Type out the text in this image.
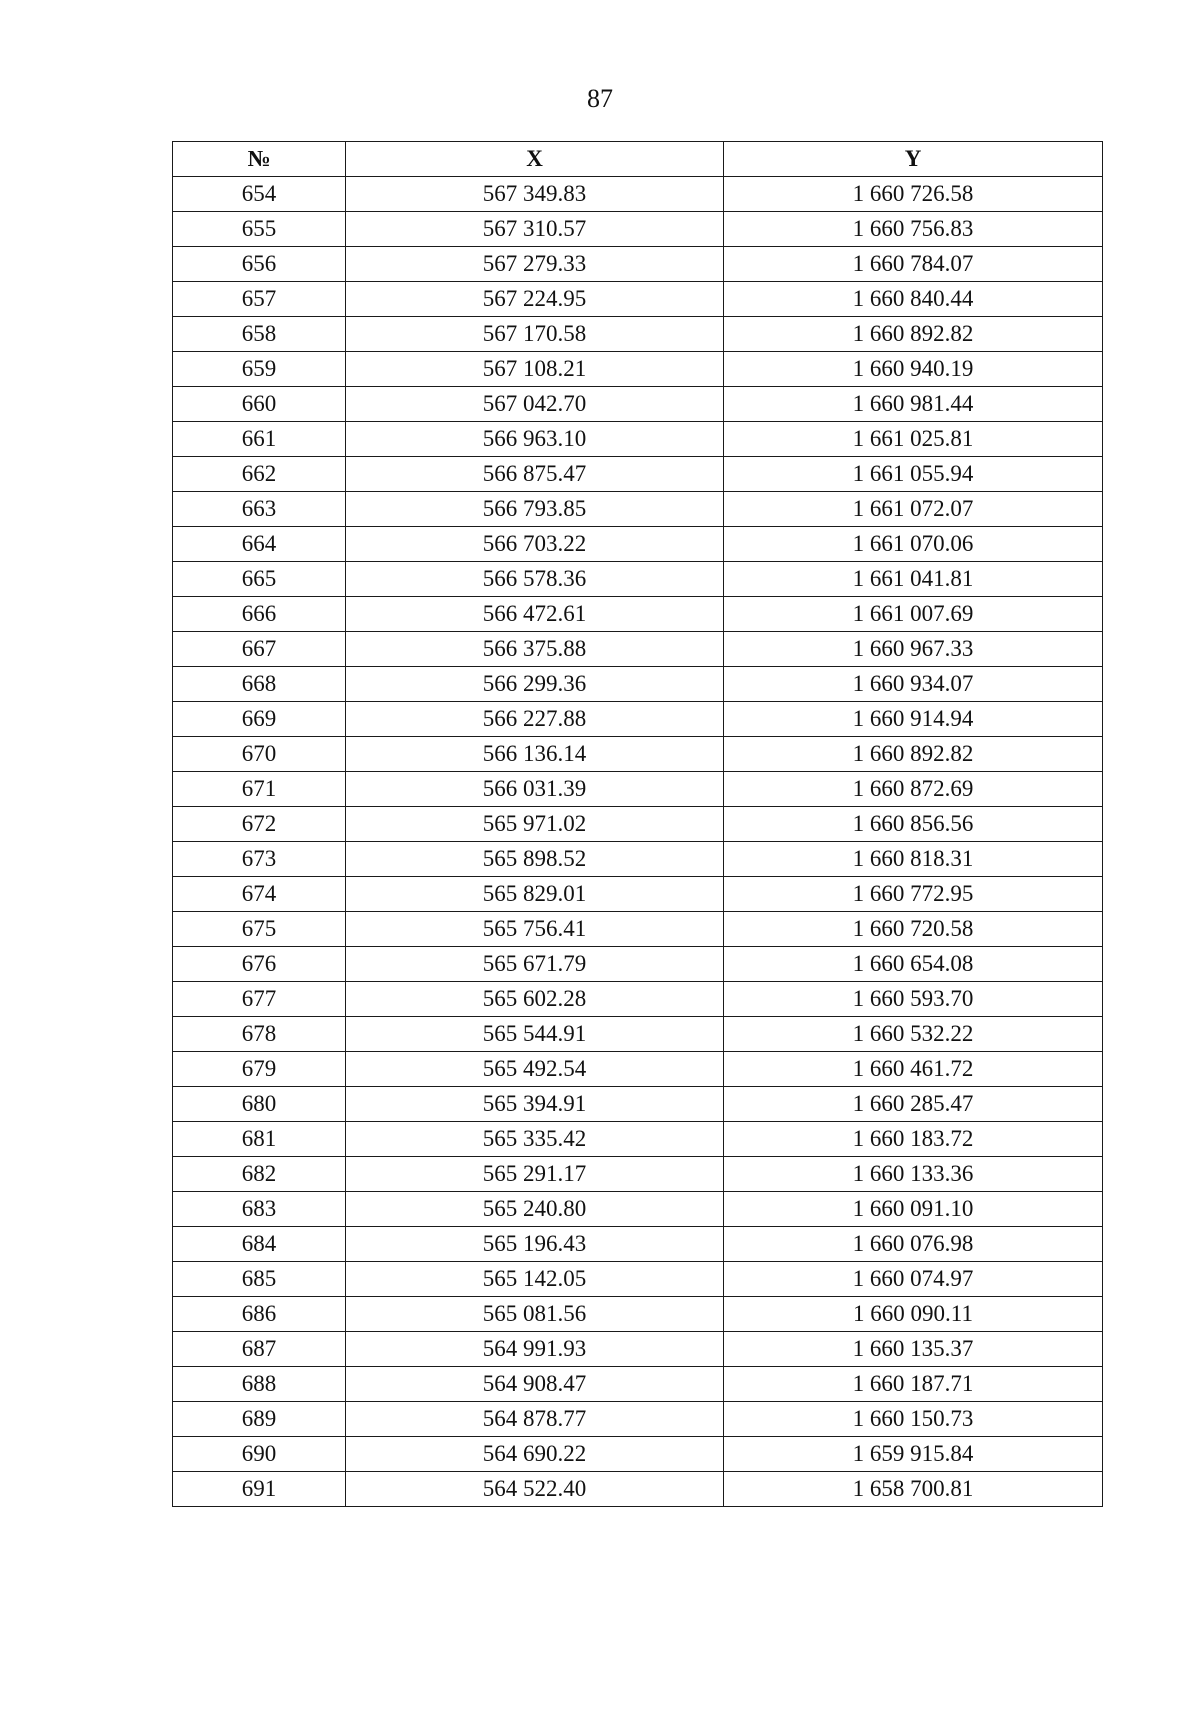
87
№	X	Y
654	567 349.83	1 660 726.58
655	567 310.57	1 660 756.83
656	567 279.33	1 660 784.07
657	567 224.95	1 660 840.44
658	567 170.58	1 660 892.82
659	567 108.21	1 660 940.19
660	567 042.70	1 660 981.44
661	566 963.10	1 661 025.81
662	566 875.47	1 661 055.94
663	566 793.85	1 661 072.07
664	566 703.22	1 661 070.06
665	566 578.36	1 661 041.81
666	566 472.61	1 661 007.69
667	566 375.88	1 660 967.33
668	566 299.36	1 660 934.07
669	566 227.88	1 660 914.94
670	566 136.14	1 660 892.82
671	566 031.39	1 660 872.69
672	565 971.02	1 660 856.56
673	565 898.52	1 660 818.31
674	565 829.01	1 660 772.95
675	565 756.41	1 660 720.58
676	565 671.79	1 660 654.08
677	565 602.28	1 660 593.70
678	565 544.91	1 660 532.22
679	565 492.54	1 660 461.72
680	565 394.91	1 660 285.47
681	565 335.42	1 660 183.72
682	565 291.17	1 660 133.36
683	565 240.80	1 660 091.10
684	565 196.43	1 660 076.98
685	565 142.05	1 660 074.97
686	565 081.56	1 660 090.11
687	564 991.93	1 660 135.37
688	564 908.47	1 660 187.71
689	564 878.77	1 660 150.73
690	564 690.22	1 659 915.84
691	564 522.40	1 658 700.81
